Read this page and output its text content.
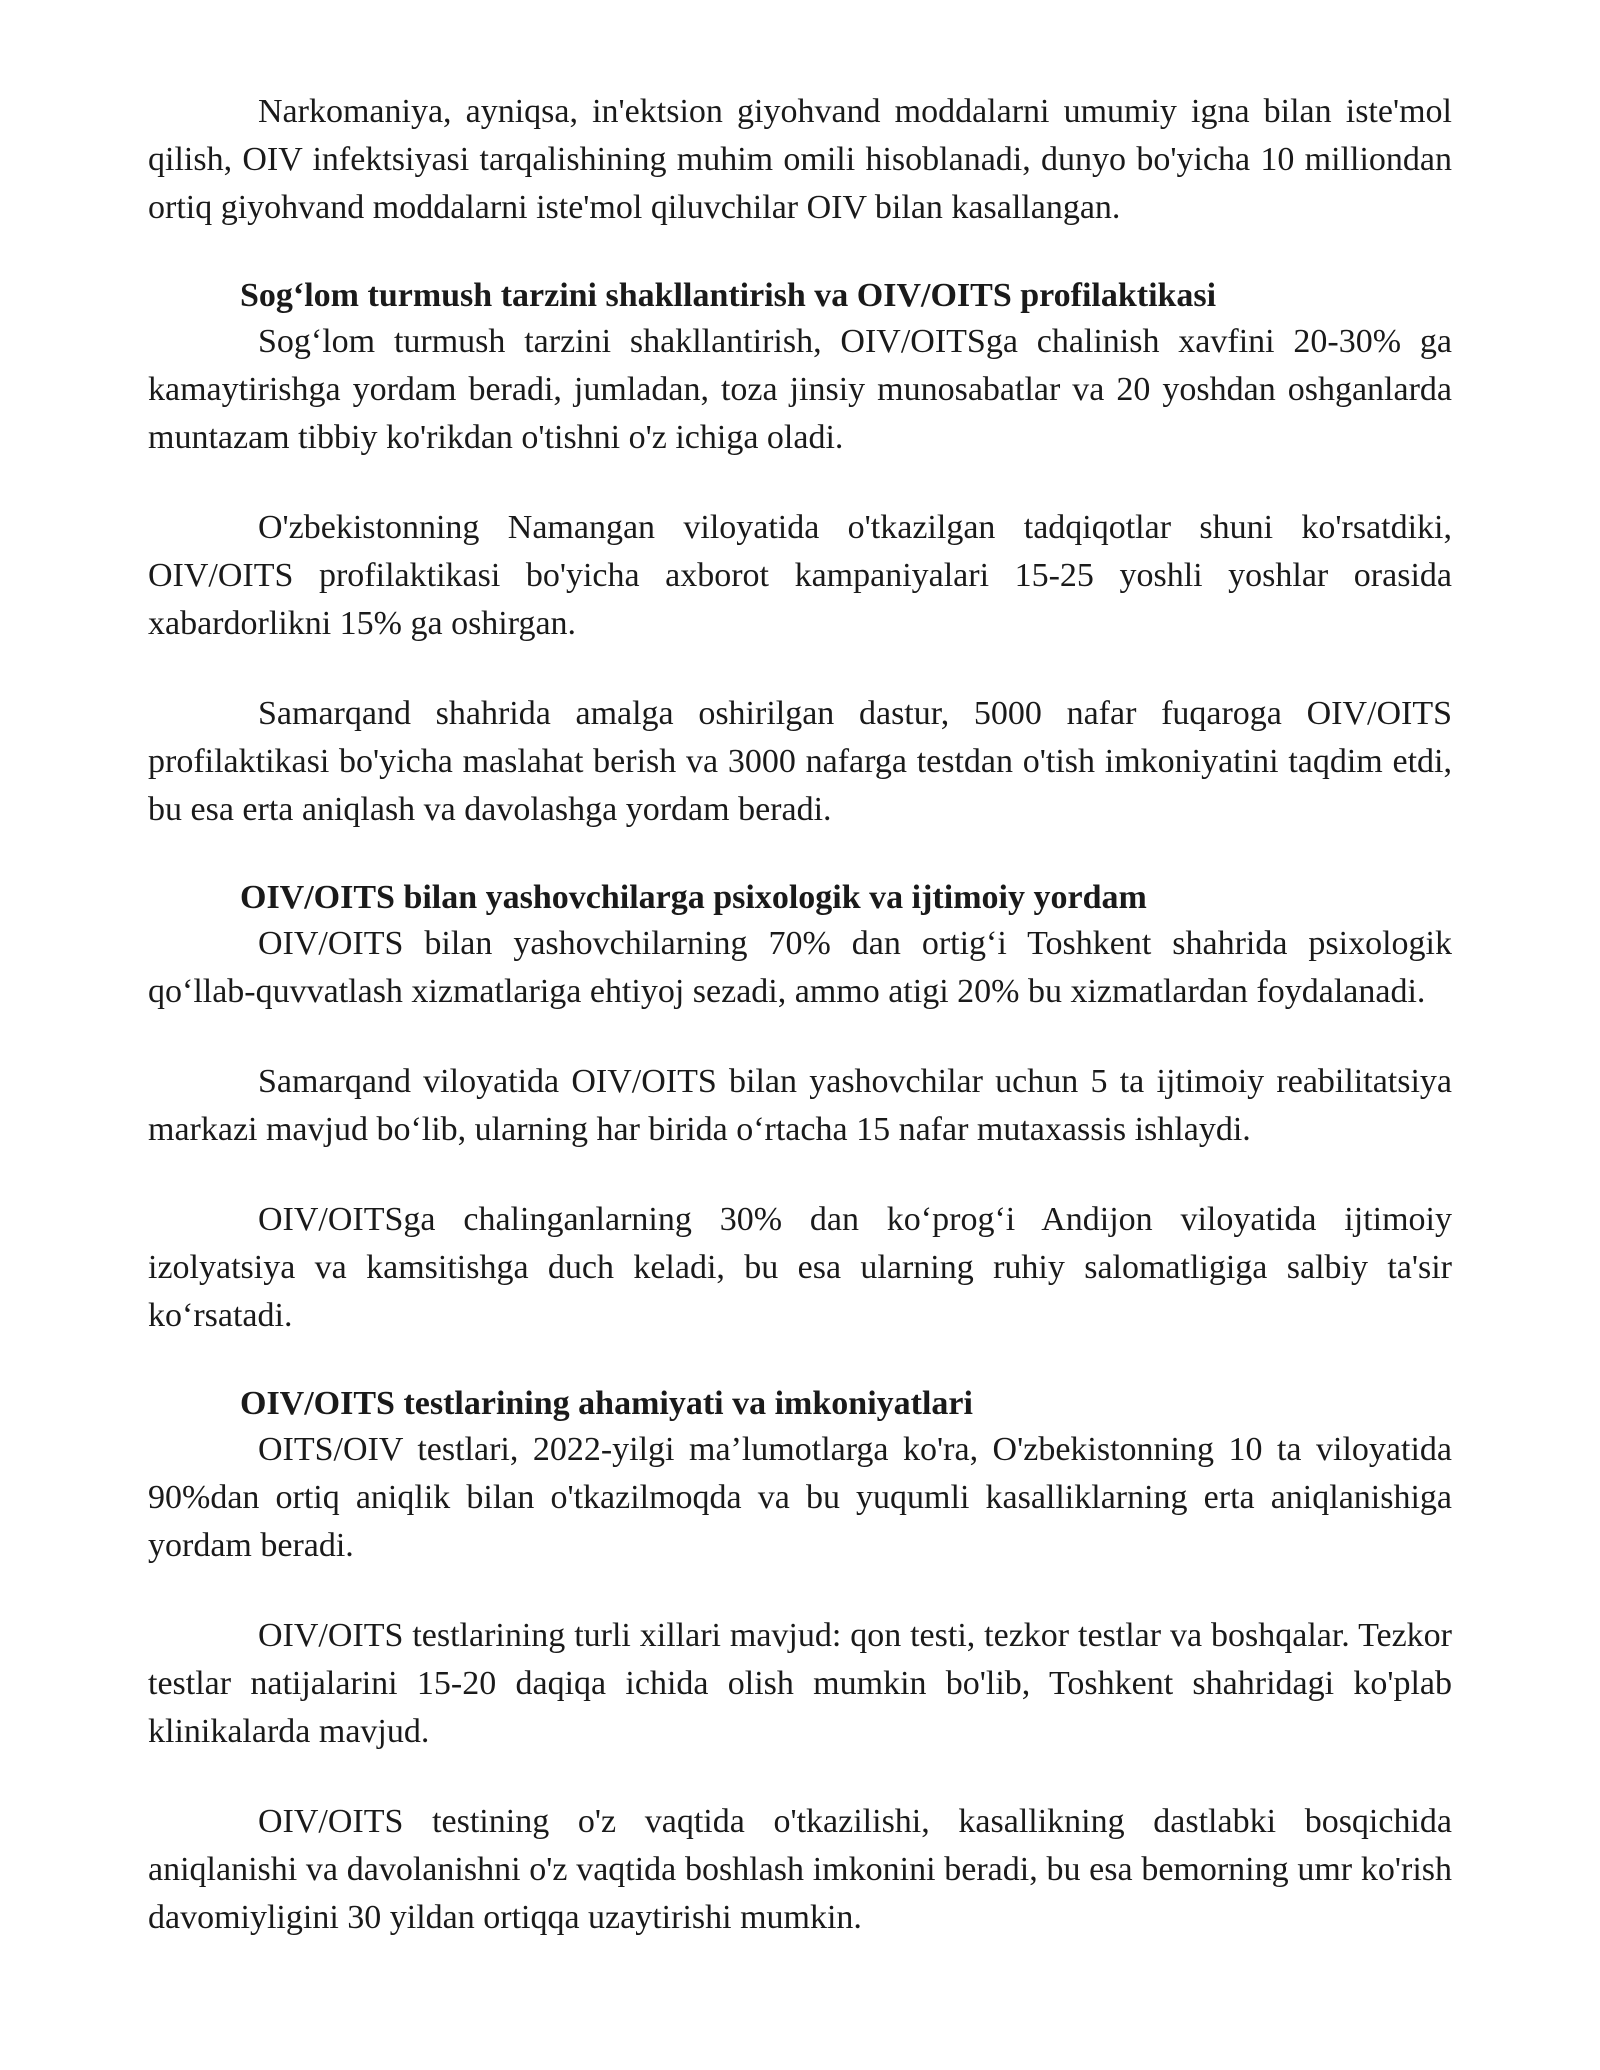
Narkomaniya, ayniqsa, in'ektsion giyohvand moddalarni umumiy igna bilan iste'mol qilish, OIV infektsiyasi tarqalishining muhim omili hisoblanadi, dunyo bo'yicha 10 milliondan ortiq giyohvand moddalarni iste'mol qiluvchilar OIV bilan kasallangan.

Sog‘lom turmush tarzini shakllantirish va OIV/OITS profilaktikasi

Sog‘lom turmush tarzini shakllantirish, OIV/OITSga chalinish xavfini 20-30% ga kamaytirishga yordam beradi, jumladan, toza jinsiy munosabatlar va 20 yoshdan oshganlarda muntazam tibbiy ko'rikdan o'tishni o'z ichiga oladi.

O'zbekistonning Namangan viloyatida o'tkazilgan tadqiqotlar shuni ko'rsatdiki, OIV/OITS profilaktikasi bo'yicha axborot kampaniyalari 15-25 yoshli yoshlar orasida xabardorlikni 15% ga oshirgan.

Samarqand shahrida amalga oshirilgan dastur, 5000 nafar fuqaroga OIV/OITS profilaktikasi bo'yicha maslahat berish va 3000 nafarga testdan o'tish imkoniyatini taqdim etdi, bu esa erta aniqlash va davolashga yordam beradi.

OIV/OITS bilan yashovchilarga psixologik va ijtimoiy yordam

OIV/OITS bilan yashovchilarning 70% dan ortig‘i Toshkent shahrida psixologik qo‘llab-quvvatlash xizmatlariga ehtiyoj sezadi, ammo atigi 20% bu xizmatlardan foydalanadi.

Samarqand viloyatida OIV/OITS bilan yashovchilar uchun 5 ta ijtimoiy reabilitatsiya markazi mavjud bo‘lib, ularning har birida o‘rtacha 15 nafar mutaxassis ishlaydi.

OIV/OITSga chalinganlarning 30% dan ko‘prog‘i Andijon viloyatida ijtimoiy izolyatsiya va kamsitishga duch keladi, bu esa ularning ruhiy salomatligiga salbiy ta'sir ko‘rsatadi.

OIV/OITS testlarining ahamiyati va imkoniyatlari

OITS/OIV testlari, 2022-yilgi ma’lumotlarga ko'ra, O'zbekistonning 10 ta viloyatida 90%dan ortiq aniqlik bilan o'tkazilmoqda va bu yuqumli kasalliklarning erta aniqlanishiga yordam beradi.

OIV/OITS testlarining turli xillari mavjud: qon testi, tezkor testlar va boshqalar. Tezkor testlar natijalarini 15-20 daqiqa ichida olish mumkin bo'lib, Toshkent shahridagi ko'plab klinikalarda mavjud.

OIV/OITS testining o'z vaqtida o'tkazilishi, kasallikning dastlabki bosqichida aniqlanishi va davolanishni o'z vaqtida boshlash imkonini beradi, bu esa bemorning umr ko'rish davomiyligini 30 yildan ortiqqa uzaytirishi mumkin.
